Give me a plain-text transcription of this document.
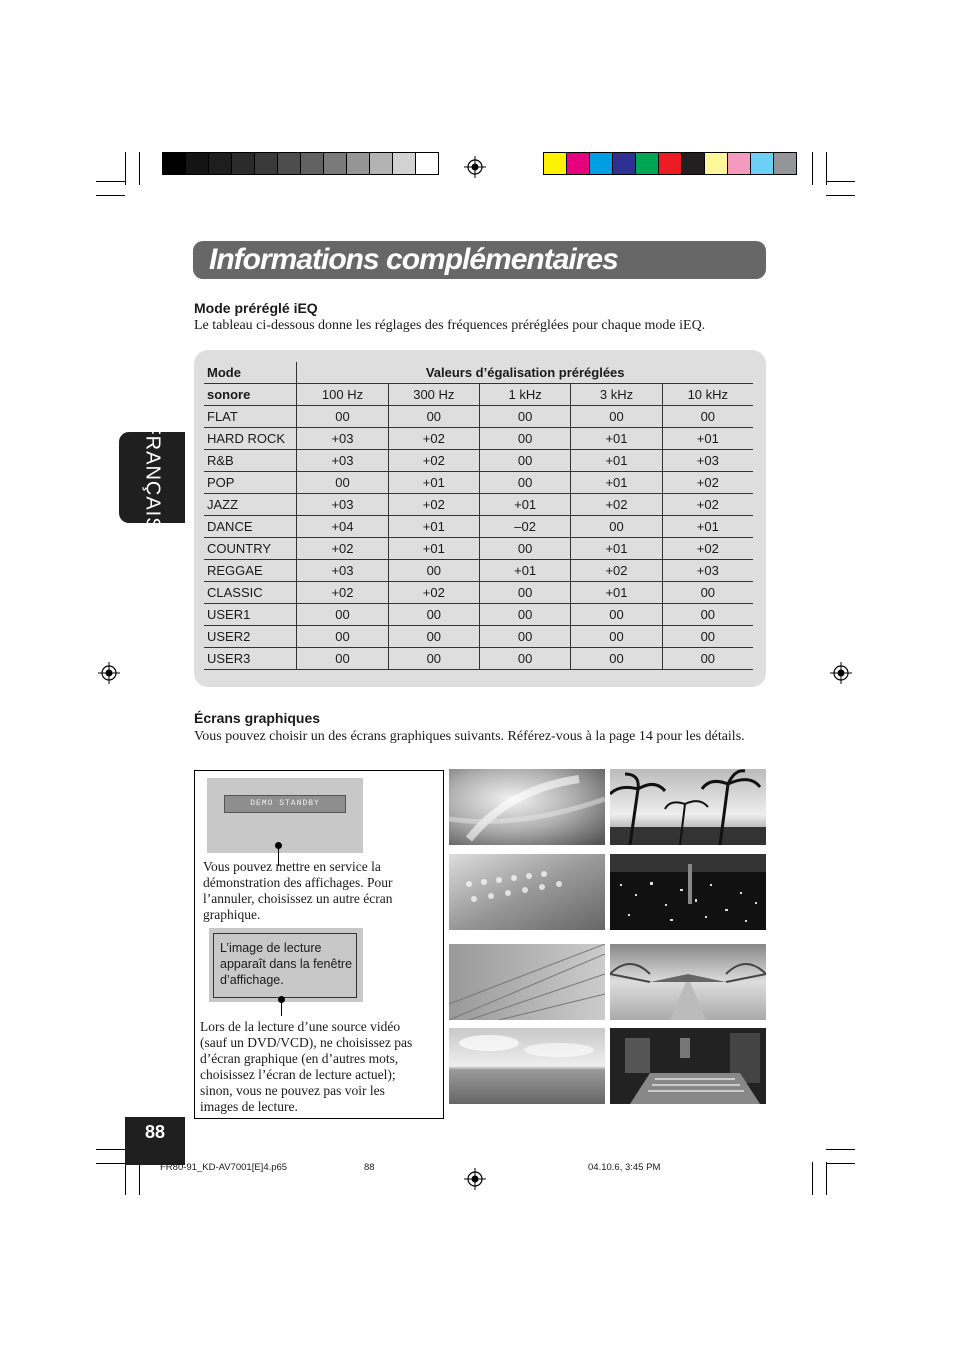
Informations complémentaires
FRANÇAIS
Mode préréglé iEQ
Le tableau ci-dessous donne les réglages des fréquences préréglées pour chaque mode iEQ.
Mode	Valeurs d’égalisation préréglées				
sonore	100 Hz	300 Hz	1 kHz	3 kHz	10 kHz
FLAT	00	00	00	00	00
HARD ROCK	+03	+02	00	+01	+01
R&B	+03	+02	00	+01	+03
POP	00	+01	00	+01	+02
JAZZ	+03	+02	+01	+02	+02
DANCE	+04	+01	–02	00	+01
COUNTRY	+02	+01	00	+01	+02
REGGAE	+03	00	+01	+02	+03
CLASSIC	+02	+02	00	+01	00
USER1	00	00	00	00	00
USER2	00	00	00	00	00
USER3	00	00	00	00	00
Écrans graphiques
Vous pouvez choisir un des écrans graphiques suivants. Référez-vous à la page 14 pour les détails.
DEMO STANDBY
Vous pouvez mettre en service la
démonstration des affichages. Pour
l’annuler, choisissez un autre écran
graphique.
L’image de lecture
apparaît dans la fenêtre
d’affichage.
Lors de la lecture d’une source vidéo
(sauf un DVD/VCD), ne choisissez pas
d’écran graphique (en d’autres mots,
choisissez l’écran de lecture actuel);
sinon, vous ne pouvez pas voir les
images de lecture.
88
FR80-91_KD-AV7001[E]4.p65	88	04.10.6, 3:45 PM
